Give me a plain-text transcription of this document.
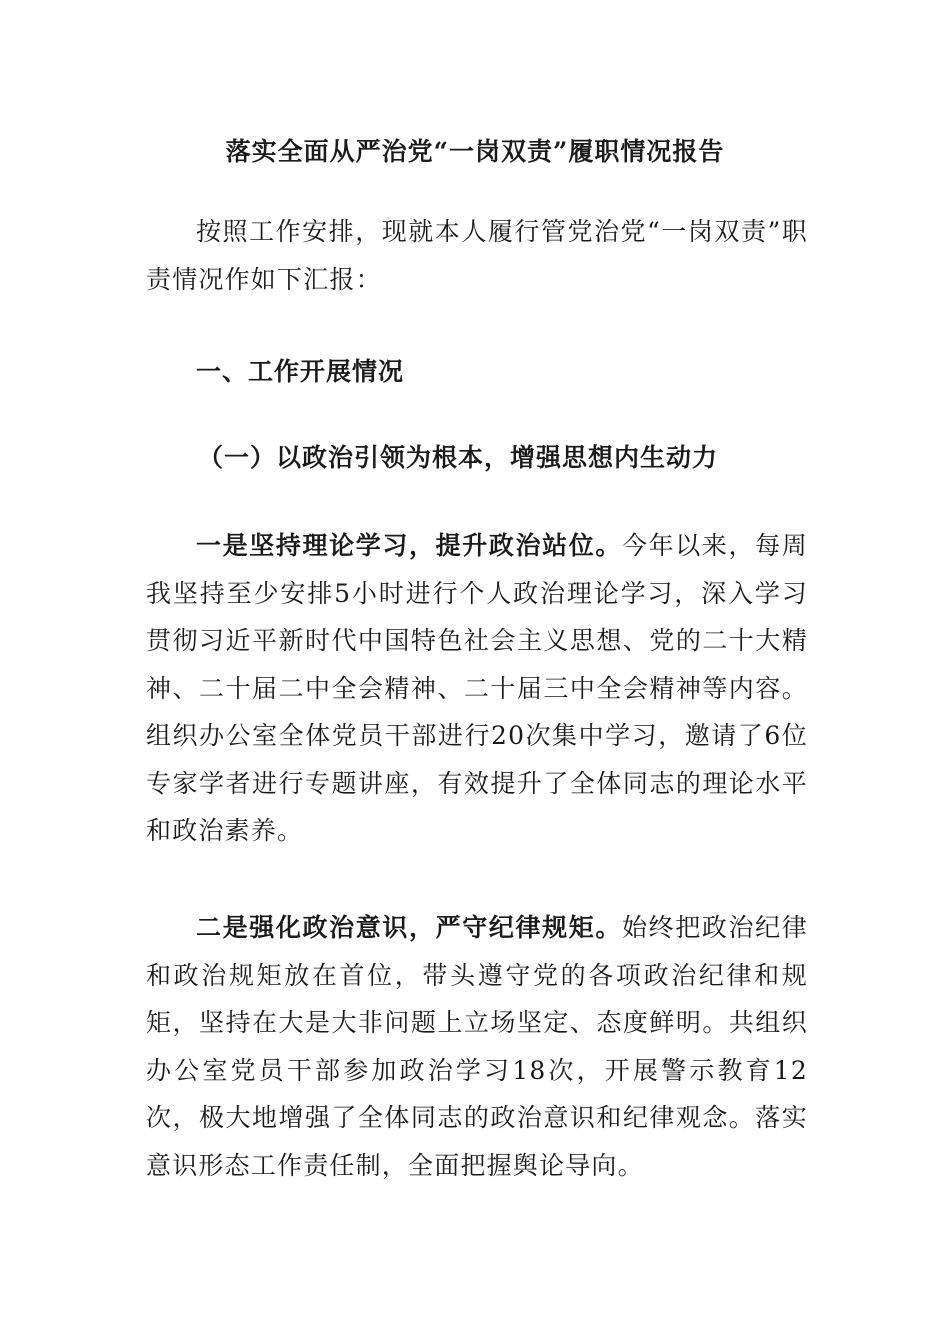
落实全面从严治党“一岗双责”履职情况报告
按照工作安排，现就本人履行管党治党“一岗双责”职责情况作如下汇报：
一、工作开展情况
（一）以政治引领为根本，增强思想内生动力
一是坚持理论学习，提升政治站位。今年以来，每周我坚持至少安排5小时进行个人政治理论学习，深入学习贯彻习近平新时代中国特色社会主义思想、党的二十大精神、二十届二中全会精神、二十届三中全会精神等内容。组织办公室全体党员干部进行20次集中学习，邀请了6位专家学者进行专题讲座，有效提升了全体同志的理论水平和政治素养。
二是强化政治意识，严守纪律规矩。始终把政治纪律和政治规矩放在首位，带头遵守党的各项政治纪律和规矩，坚持在大是大非问题上立场坚定、态度鲜明。共组织办公室党员干部参加政治学习18次，开展警示教育12次，极大地增强了全体同志的政治意识和纪律观念。落实意识形态工作责任制，全面把握舆论导向。
